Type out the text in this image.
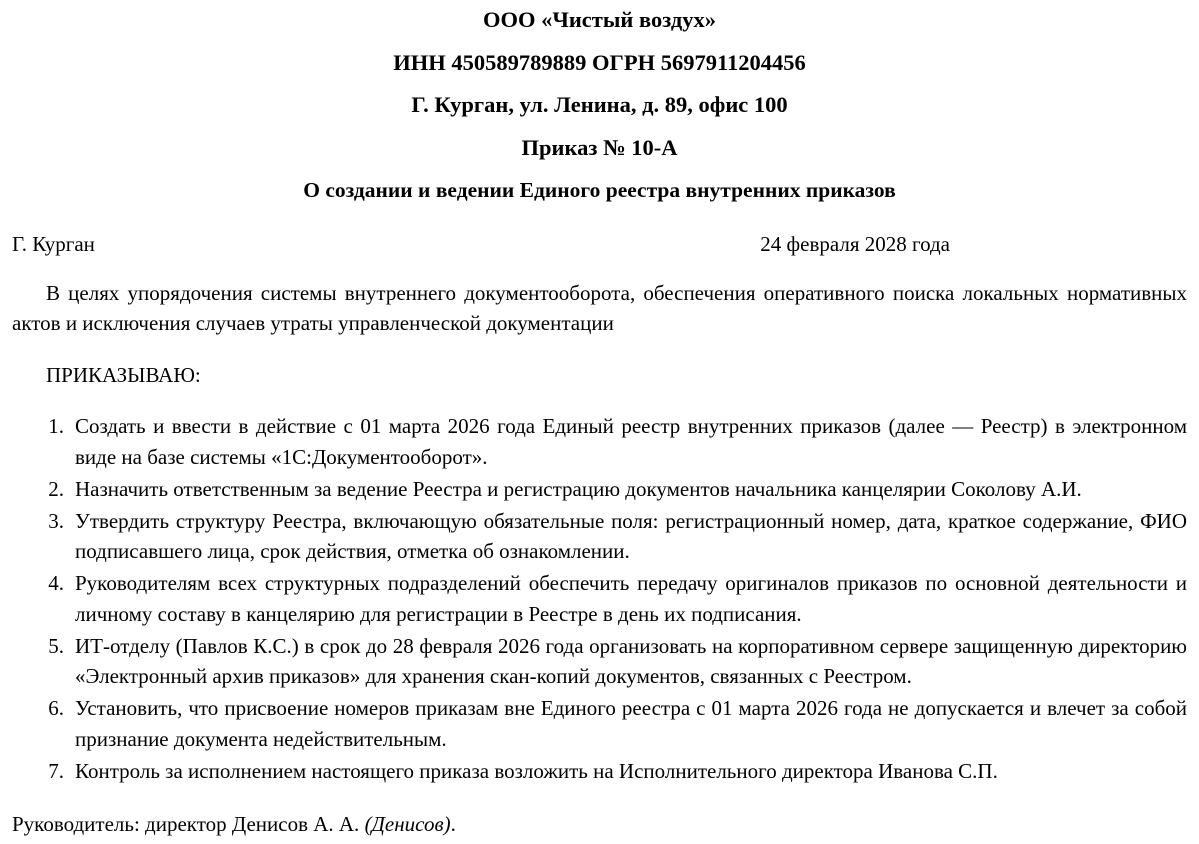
ООО «Чистый воздух»
ИНН 450589789889 ОГРН 5697911204456
Г. Курган, ул. Ленина, д. 89, офис 100
Приказ № 10-А
О создании и ведении Единого реестра внутренних приказов
Г. Курган	24 февраля 2028 года

В целях упорядочения системы внутреннего документооборота, обеспечения оперативного поиска локальных нормативных актов и исключения случаев утраты управленческой документации

ПРИКАЗЫВАЮ:

1. Создать и ввести в действие с 01 марта 2026 года Единый реестр внутренних приказов (далее — Реестр) в электронном виде на базе системы «1С:Документооборот».
2. Назначить ответственным за ведение Реестра и регистрацию документов начальника канцелярии Соколову А.И.
3. Утвердить структуру Реестра, включающую обязательные поля: регистрационный номер, дата, краткое содержание, ФИО подписавшего лица, срок действия, отметка об ознакомлении.
4. Руководителям всех структурных подразделений обеспечить передачу оригиналов приказов по основной деятельности и личному составу в канцелярию для регистрации в Реестре в день их подписания.
5. ИТ-отделу (Павлов К.С.) в срок до 28 февраля 2026 года организовать на корпоративном сервере защищенную директорию «Электронный архив приказов» для хранения скан-копий документов, связанных с Реестром.
6. Установить, что присвоение номеров приказам вне Единого реестра с 01 марта 2026 года не допускается и влечет за собой признание документа недействительным.
7. Контроль за исполнением настоящего приказа возложить на Исполнительного директора Иванова С.П.

Руководитель: директор Денисов А. А. (Денисов).
